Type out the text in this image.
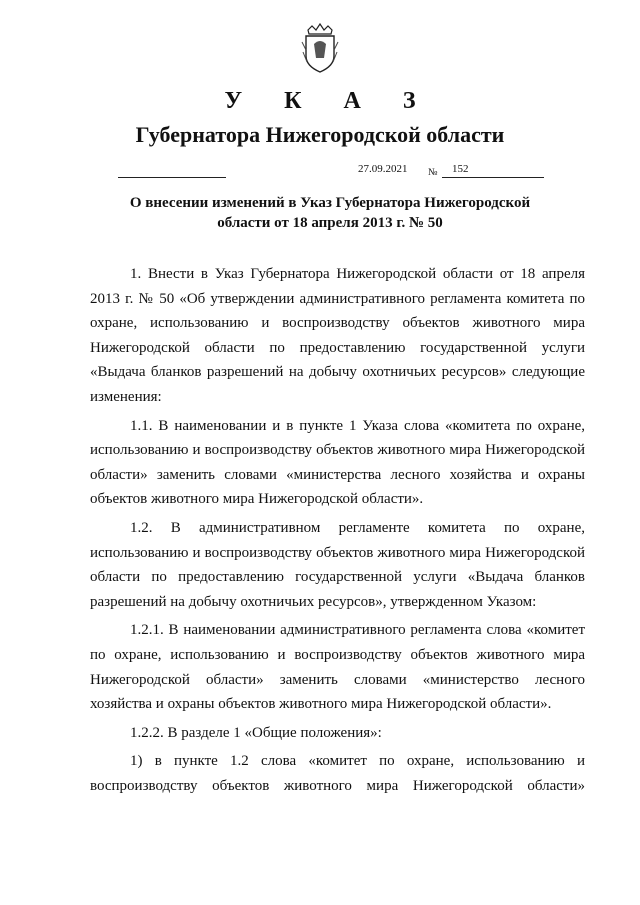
У К А З
Губернатора Нижегородской области
27.09.2021 № 152
О внесении изменений в Указ Губернатора Нижегородской области от 18 апреля 2013 г. № 50

1. Внести в Указ Губернатора Нижегородской области от 18 апреля 2013 г. № 50 «Об утверждении административного регламента комитета по охране, использованию и воспроизводству объектов животного мира Нижегородской области по предоставлению государственной услуги «Выдача бланков разрешений на добычу охотничьих ресурсов» следующие изменения:

1.1. В наименовании и в пункте 1 Указа слова «комитета по охране, использованию и воспроизводству объектов животного мира Нижегородской области» заменить словами «министерства лесного хозяйства и охраны объектов животного мира Нижегородской области».

1.2. В административном регламенте комитета по охране, использованию и воспроизводству объектов животного мира Нижегородской области по предоставлению государственной услуги «Выдача бланков разрешений на добычу охотничьих ресурсов», утвержденном Указом:

1.2.1. В наименовании административного регламента слова «комитет по охране, использованию и воспроизводству объектов животного мира Нижегородской области» заменить словами «министерство лесного хозяйства и охраны объектов животного мира Нижегородской области».

1.2.2. В разделе 1 «Общие положения»:

1) в пункте 1.2 слова «комитет по охране, использованию и воспроизводству объектов животного мира Нижегородской области»
